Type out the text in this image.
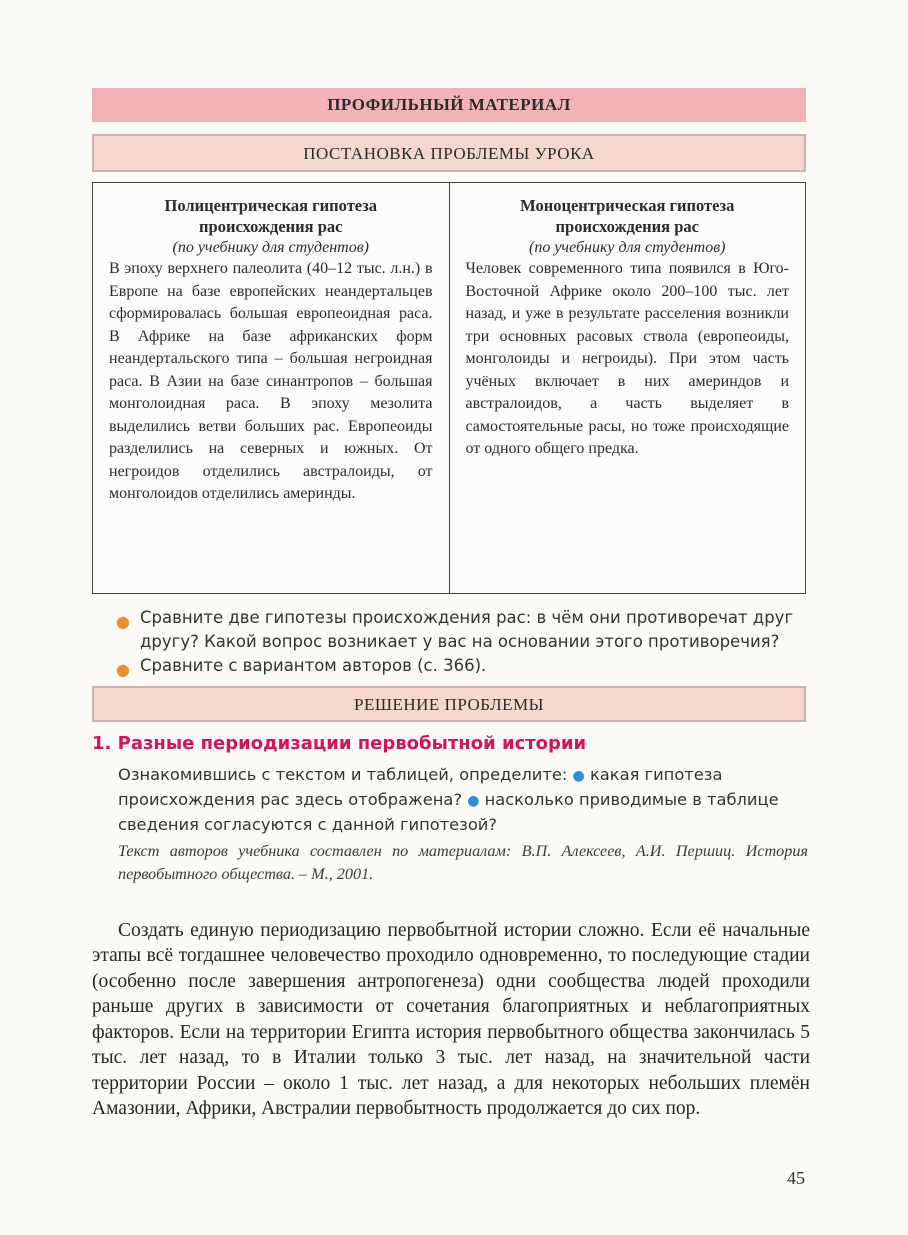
ПРОФИЛЬНЫЙ МАТЕРИАЛ
ПОСТАНОВКА ПРОБЛЕМЫ УРОКА
Полицентрическая гипотеза
происхождения рас
(по учебнику для студентов)

В эпоху верхнего палеолита (40–12 тыс. л.н.) в Европе на базе европейских неандертальцев сформировалась большая европеоидная раса. В Африке на базе африканских форм неандертальского типа – большая негроидная раса. В Азии на базе синантропов – большая монголоидная раса. В эпоху мезолита выделились ветви больших рас. Европеоиды разделились на северных и южных. От негроидов отделились австралоиды, от монголоидов отделились америнды.

Моноцентрическая гипотеза
происхождения рас
(по учебнику для студентов)

Человек современного типа появился в Юго-Восточной Африке около 200–100 тыс. лет назад, и уже в результате расселения возникли три основных расовых ствола (европеоиды, монголоиды и негроиды). При этом часть учёных включает в них америндов и австралоидов, а часть выделяет в самостоятельные расы, но тоже происходящие от одного общего предка.

● Сравните две гипотезы происхождения рас: в чём они противоречат друг другу? Какой вопрос возникает у вас на основании этого противоречия?
● Сравните с вариантом авторов (с. 366).
РЕШЕНИЕ ПРОБЛЕМЫ
1. Разные периодизации первобытной истории
Ознакомившись с текстом и таблицей, определите: ● какая гипотеза происхождения рас здесь отображена? ● насколько приводимые в таблице сведения согласуются с данной гипотезой?
Текст авторов учебника составлен по материалам: В.П. Алексеев, А.И. Першиц. История первобытного общества. – М., 2001.

Создать единую периодизацию первобытной истории сложно. Если её начальные этапы всё тогдашнее человечество проходило одновременно, то последующие стадии (особенно после завершения антропогенеза) одни сообщества людей проходили раньше других в зависимости от сочетания благоприятных и неблагоприятных факторов. Если на территории Египта история первобытного общества закончилась 5 тыс. лет назад, то в Италии только 3 тыс. лет назад, на значительной части территории России – около 1 тыс. лет назад, а для некоторых небольших племён Амазонии, Африки, Австралии первобытность продолжается до сих пор.

45
